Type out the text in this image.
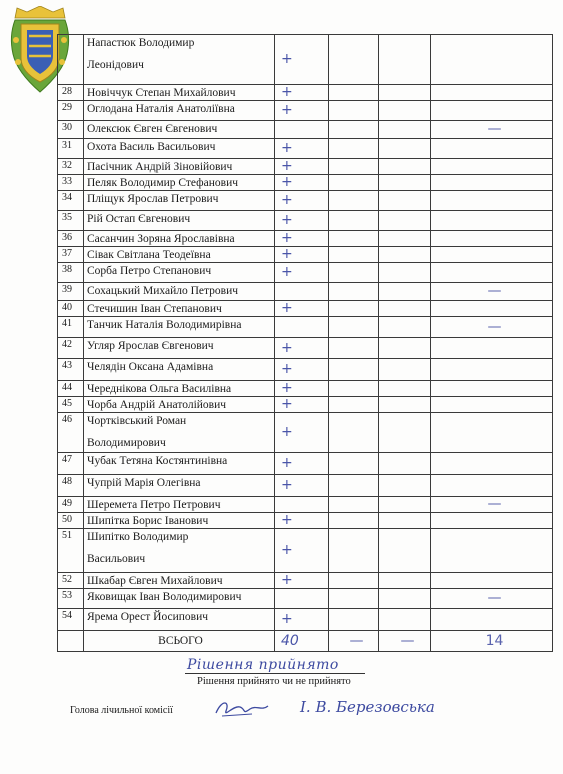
	Напастюк Володимир
Леонідович	+			
28	Новіччук Степан Михайлович	+			
29	Оглодана Наталія Анатоліївна	+			
30	Олексюк Євген Євгенович				—
31	Охота Василь Васильович	+			
32	Пасічник Андрій Зіновійович	+			
33	Пеляк Володимир Стефанович	+			
34	Пліщук Ярослав Петрович	+			
35	Рій Остап Євгенович	+			
36	Сасанчин Зоряна Ярославівна	+			
37	Сівак Світлана Теодеївна	+			
38	Сорба Петро Степанович	+			
39	Сохацький Михайло Петрович				—
40	Стечишин Іван Степанович	+			
41	Танчик Наталія Володимирівна				—
42	Угляр Ярослав Євгенович	+			
43	Челядін Оксана Адамівна	+			
44	Череднікова Ольга Василівна	+			
45	Чорба Андрій Анатолійович	+			
46	Чортківський Роман
Володимирович	+			
47	Чубак Тетяна Костянтинівна	+			
48	Чупрій Марія Олегівна	+			
49	Шеремета Петро Петрович				—
50	Шипітка Борис Іванович	+			
51	Шипітко Володимир
Васильович	+			
52	Шкабар Євген Михайлович	+			
53	Яковищак Іван Володимирович				—
54	Ярема Орест Йосипович	+			
	ВСЬОГО	40	—	—	14
Рішення прийнято
Рішення прийнято чи не прийнято
Голова лічильної комісії	І. В. Березовська
